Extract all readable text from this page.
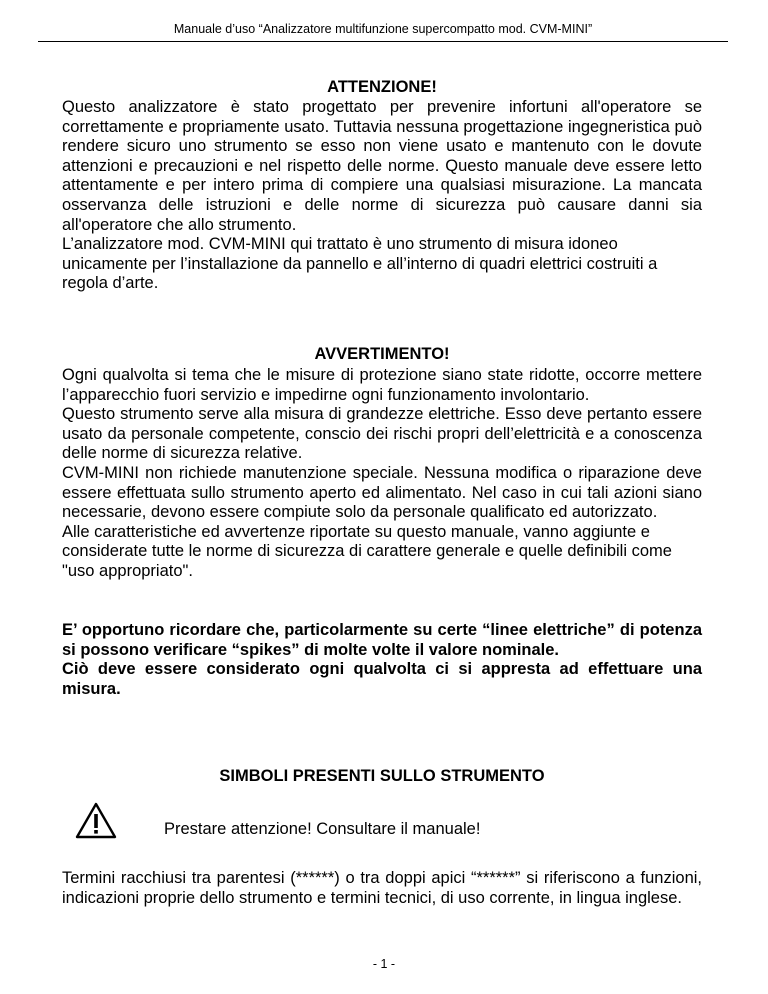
Manuale d’uso “Analizzatore multifunzione supercompatto mod. CVM-MINI”
ATTENZIONE!

Questo analizzatore è stato progettato per prevenire infortuni all'operatore se correttamente e propriamente usato. Tuttavia nessuna progettazione ingegneristica può rendere sicuro uno strumento se esso non viene usato e mantenuto con le dovute attenzioni e precauzioni e nel rispetto delle norme. Questo manuale deve essere letto attentamente e per intero prima di compiere una qualsiasi misurazione. La mancata osservanza delle istruzioni e delle norme di sicurezza può causare danni sia all'operatore che allo strumento.

L’analizzatore mod. CVM-MINI qui trattato è uno strumento di misura idoneo unicamente per l’installazione da pannello e all’interno di quadri elettrici costruiti a regola d’arte.

AVVERTIMENTO!

Ogni qualvolta si tema che le misure di protezione siano state ridotte, occorre mettere l’apparecchio fuori servizio e impedirne ogni funzionamento involontario.

Questo strumento serve alla misura di grandezze elettriche. Esso deve pertanto essere usato da personale competente, conscio dei rischi propri dell’elettricità e a conoscenza delle norme di sicurezza relative.

CVM-MINI non richiede manutenzione speciale. Nessuna modifica o riparazione deve essere effettuata sullo strumento aperto ed alimentato. Nel caso in cui tali azioni siano necessarie, devono essere compiute solo da personale qualificato ed autorizzato.

Alle caratteristiche ed avvertenze riportate su questo manuale, vanno aggiunte e considerate tutte le norme di sicurezza di carattere generale e quelle definibili come "uso appropriato".

E’ opportuno ricordare che, particolarmente su certe “linee elettriche” di potenza si possono verificare “spikes” di molte volte il valore nominale.

Ciò deve essere considerato ogni qualvolta ci si appresta ad effettuare una misura.

SIMBOLI PRESENTI SULLO STRUMENTO
Prestare attenzione! Consultare il manuale!

Termini racchiusi tra parentesi (******) o tra doppi apici “******” si riferiscono a funzioni, indicazioni proprie dello strumento e termini tecnici, di uso corrente, in lingua inglese.

- 1 -
